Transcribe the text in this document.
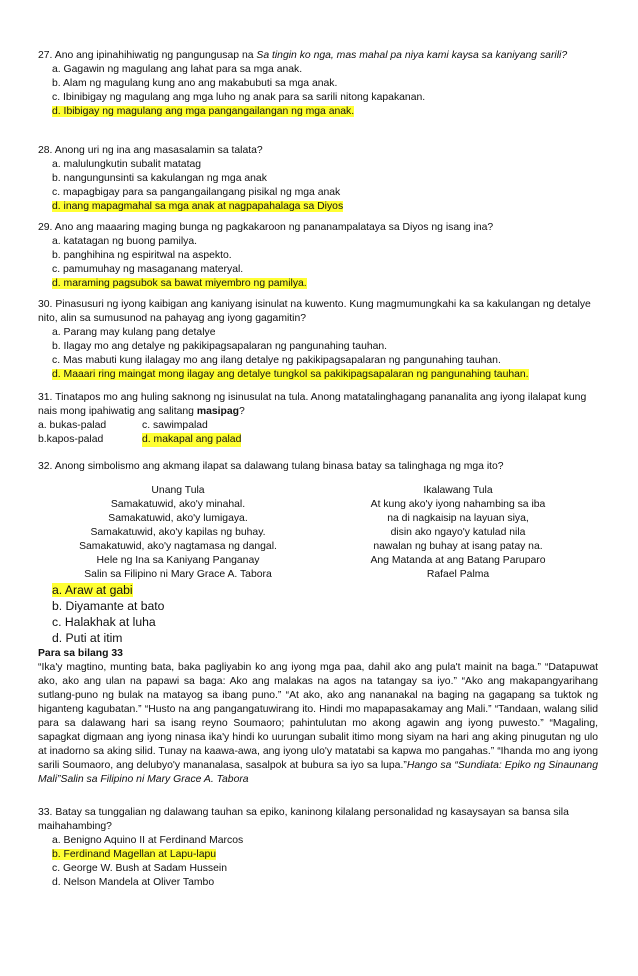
27. Ano ang ipinahihiwatig ng pangungusap na Sa tingin ko nga, mas mahal pa niya kami kaysa sa kaniyang sarili?

a. Gagawin ng magulang ang lahat para sa mga anak.
b. Alam ng magulang kung ano ang makabubuti sa mga anak.
c. Ibinibigay ng magulang ang mga luho ng anak para sa sarili nitong kapakanan.
d. Ibibigay ng magulang ang mga pangangailangan ng mga anak.

28. Anong uri ng ina ang masasalamin sa talata?

a. malulungkutin subalit matatag
b. nangungunsinti sa kakulangan ng mga anak
c. mapagbigay para sa pangangailangang pisikal ng mga anak
d. inang mapagmahal sa mga anak at nagpapahalaga sa Diyos

29. Ano ang maaaring maging bunga ng pagkakaroon ng pananampalataya sa Diyos ng isang ina?

a. katatagan ng buong pamilya.
b. panghihina ng espiritwal na aspekto.
c. pamumuhay ng masaganang materyal.
d. maraming pagsubok sa bawat miyembro ng pamilya.

30. Pinasusuri ng iyong kaibigan ang kaniyang isinulat na kuwento. Kung magmumungkahi ka sa kakulangan ng detalye nito, alin sa sumusunod na pahayag ang iyong gagamitin?

a. Parang may kulang pang detalye
b. Ilagay mo ang detalye ng pakikipagsapalaran ng pangunahing tauhan.
c. Mas mabuti kung ilalagay mo ang ilang detalye ng pakikipagsapalaran ng pangunahing tauhan.
d. Maaari ring maingat mong ilagay ang detalye tungkol sa pakikipagsapalaran ng pangunahing tauhan.

31. Tinatapos mo ang huling saknong ng isinusulat na tula. Anong matatalinghagang pananalita ang iyong ilalapat kung nais mong ipahiwatig ang salitang masipag?

a. bukas-palad	c. sawimpalad
b.kapos-palad	d. makapal ang palad

32. Anong simbolismo ang akmang ilapat sa dalawang tulang binasa batay sa talinghaga ng mga ito?

Unang Tula
Samakatuwid, ako'y minahal.
Samakatuwid, ako'y lumigaya.
Samakatuwid, ako'y kapilas ng buhay.
Samakatuwid, ako'y nagtamasa ng dangal.
Hele ng Ina sa Kaniyang Panganay
Salin sa Filipino ni Mary Grace A. Tabora
Ikalawang Tula
At kung ako'y iyong nahambing sa iba
na di nagkaisip na layuan siya,
disin ako ngayo'y katulad nila
nawalan ng buhay at isang patay na.
Ang Matanda at ang Batang Paruparo
Rafael Palma
a. Araw at gabi
b. Diyamante at bato
c. Halakhak at luha
d. Puti at itim

Para sa bilang 33

“Ika'y magtino, munting bata, baka pagliyabin ko ang iyong mga paa, dahil ako ang pula't mainit na baga.” “Datapuwat ako, ako ang ulan na papawi sa baga: Ako ang malakas na agos na tatangay sa iyo.” “Ako ang makapangyarihang sutlang-puno ng bulak na matayog sa ibang puno.” “At ako, ako ang nananakal na baging na gagapang sa tuktok ng higanteng kagubatan.” “Husto na ang pangangatuwirang ito. Hindi mo mapapasakamay ang Mali.” “Tandaan, walang silid para sa dalawang hari sa isang reyno Soumaoro; pahintulutan mo akong agawin ang iyong puwesto.” “Magaling, sapagkat digmaan ang iyong ninasa ika'y hindi ko uurungan subalit itimo mong siyam na hari ang aking pinugutan ng ulo at inadorno sa aking silid. Tunay na kaawa-awa, ang iyong ulo'y matatabi sa kapwa mo pangahas.” “Ihanda mo ang iyong sarili Soumaoro, ang delubyo'y mananalasa, sasalpok at bubura sa iyo sa lupa.”Hango sa “Sundiata: Epiko ng Sinaunang Mali”Salin sa Filipino ni Mary Grace A. Tabora

33. Batay sa tunggalian ng dalawang tauhan sa epiko, kaninong kilalang personalidad ng kasaysayan sa bansa sila maihahambing?

a. Benigno Aquino II at Ferdinand Marcos
b. Ferdinand Magellan at Lapu-lapu
c. George W. Bush at Sadam Hussein
d. Nelson Mandela at Oliver Tambo
